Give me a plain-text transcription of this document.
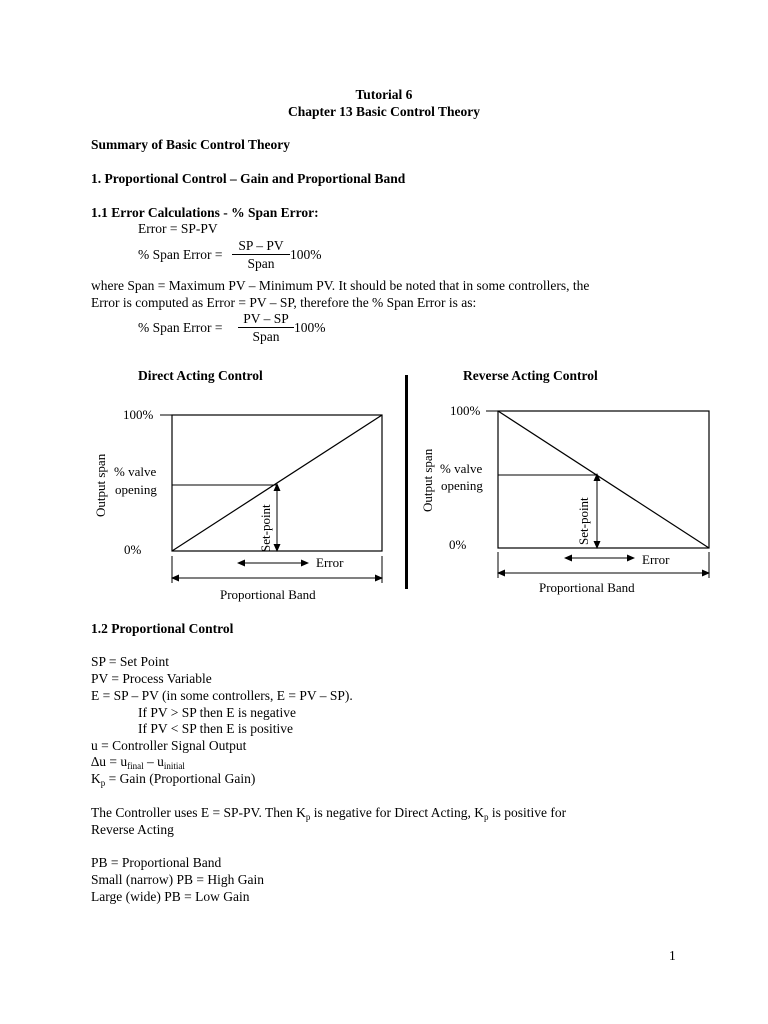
Tutorial 6
Chapter 13 Basic Control Theory
Summary of Basic Control Theory
1. Proportional Control – Gain and Proportional Band
1.1 Error Calculations - % Span Error:
Error = SP-PV
% Span Error =
SP – PV
Span
100%
where Span = Maximum PV – Minimum PV. It should be noted that in some controllers, the
Error is computed as Error = PV – SP, therefore the % Span Error is as:
% Span Error =
PV – SP
Span
100%
Direct Acting Control	Reverse Acting Control
100%
0%
% valve
opening
Output span
Set-point
Error
Proportional Band
100%
0%
% valve
opening
Output span
Set-point
Error
Proportional Band
1.2 Proportional Control
SP = Set Point
PV = Process Variable
E = SP – PV (in some controllers, E = PV – SP).
If PV > SP then E is negative
If PV < SP then E is positive
u = Controller Signal Output
$\Delta u = u_{final} - u_{initial}$
$K_p$ = Gain (Proportional Gain)
The Controller uses E = SP-PV. Then $K_p$ is negative for Direct Acting, $K_p$ is positive for
Reverse Acting
PB = Proportional Band
Small (narrow) PB = High Gain
Large (wide) PB = Low Gain
1
